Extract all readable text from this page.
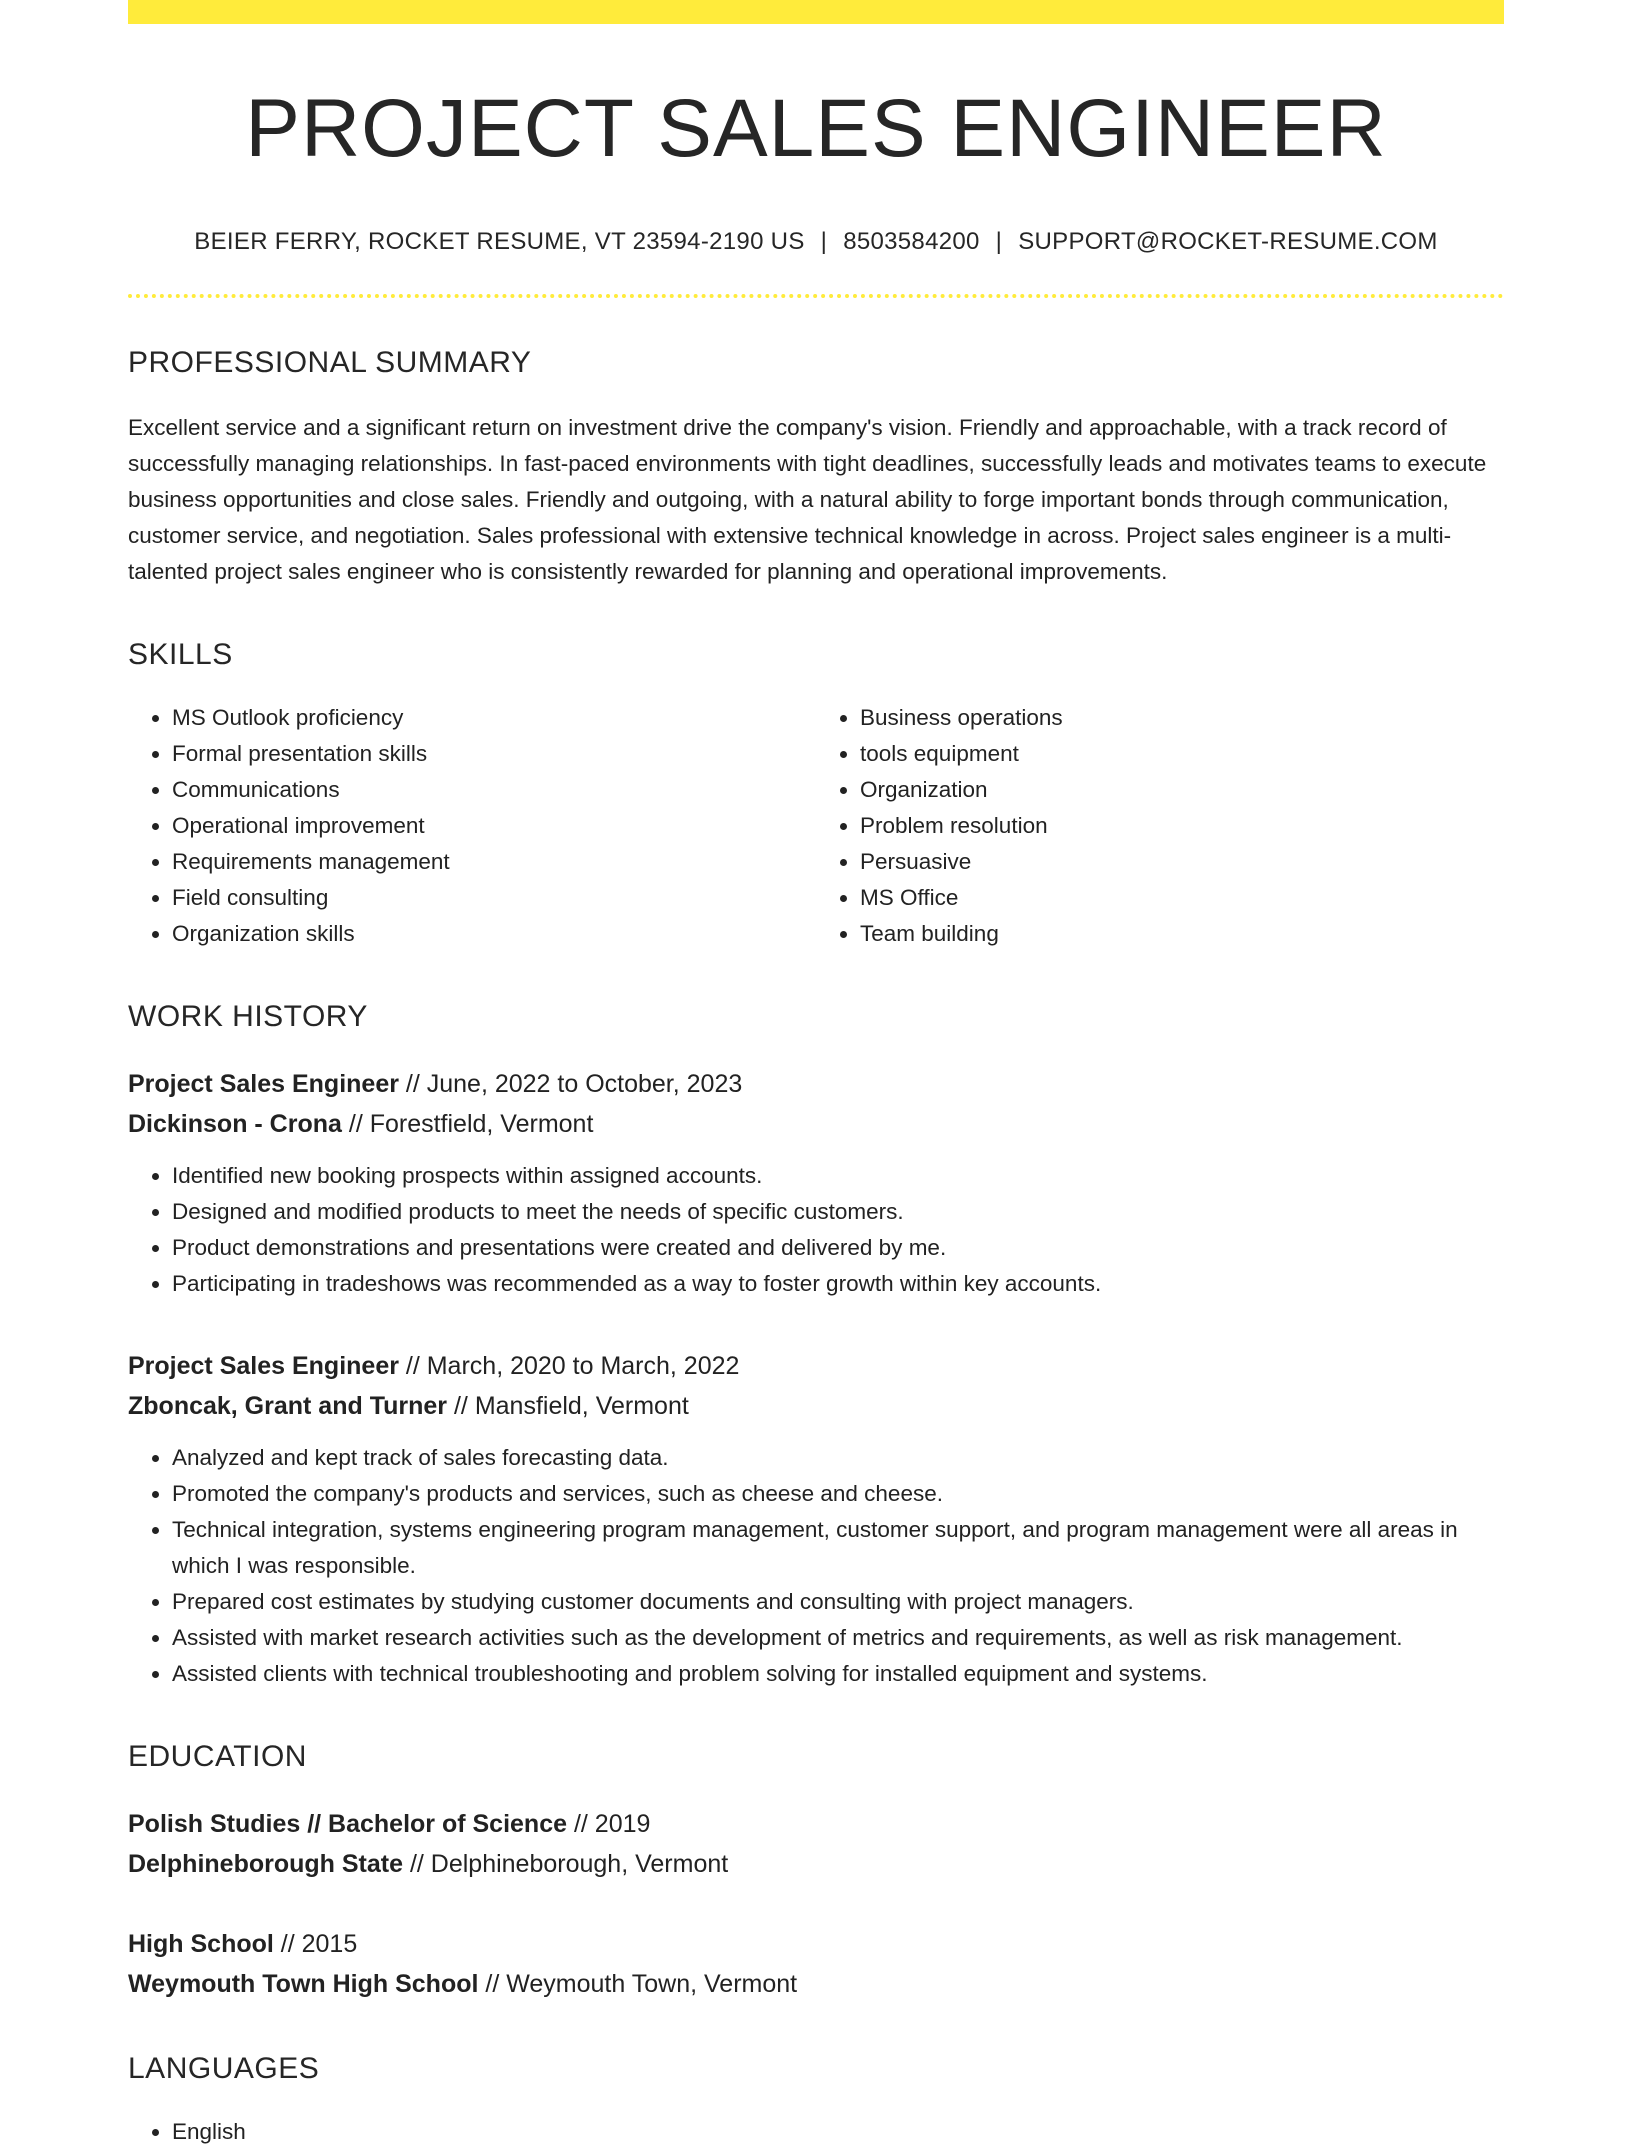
PROJECT SALES ENGINEER
BEIER FERRY, ROCKET RESUME, VT 23594-2190 US | 8503584200 | SUPPORT@ROCKET-RESUME.COM
PROFESSIONAL SUMMARY
Excellent service and a significant return on investment drive the company's vision. Friendly and approachable, with a track record of successfully managing relationships. In fast-paced environments with tight deadlines, successfully leads and motivates teams to execute business opportunities and close sales. Friendly and outgoing, with a natural ability to forge important bonds through communication, customer service, and negotiation. Sales professional with extensive technical knowledge in across. Project sales engineer is a multi-talented project sales engineer who is consistently rewarded for planning and operational improvements.
SKILLS
• MS Outlook proficiency
• Formal presentation skills
• Communications
• Operational improvement
• Requirements management
• Field consulting
• Organization skills
• Business operations
• tools equipment
• Organization
• Problem resolution
• Persuasive
• MS Office
• Team building
WORK HISTORY
Project Sales Engineer // June, 2022 to October, 2023
Dickinson - Crona // Forestfield, Vermont
• Identified new booking prospects within assigned accounts.
• Designed and modified products to meet the needs of specific customers.
• Product demonstrations and presentations were created and delivered by me.
• Participating in tradeshows was recommended as a way to foster growth within key accounts.
Project Sales Engineer // March, 2020 to March, 2022
Zboncak, Grant and Turner // Mansfield, Vermont
• Analyzed and kept track of sales forecasting data.
• Promoted the company's products and services, such as cheese and cheese.
• Technical integration, systems engineering program management, customer support, and program management were all areas in which I was responsible.
• Prepared cost estimates by studying customer documents and consulting with project managers.
• Assisted with market research activities such as the development of metrics and requirements, as well as risk management.
• Assisted clients with technical troubleshooting and problem solving for installed equipment and systems.
EDUCATION
Polish Studies // Bachelor of Science // 2019
Delphineborough State // Delphineborough, Vermont
High School // 2015
Weymouth Town High School // Weymouth Town, Vermont
LANGUAGES
• English
